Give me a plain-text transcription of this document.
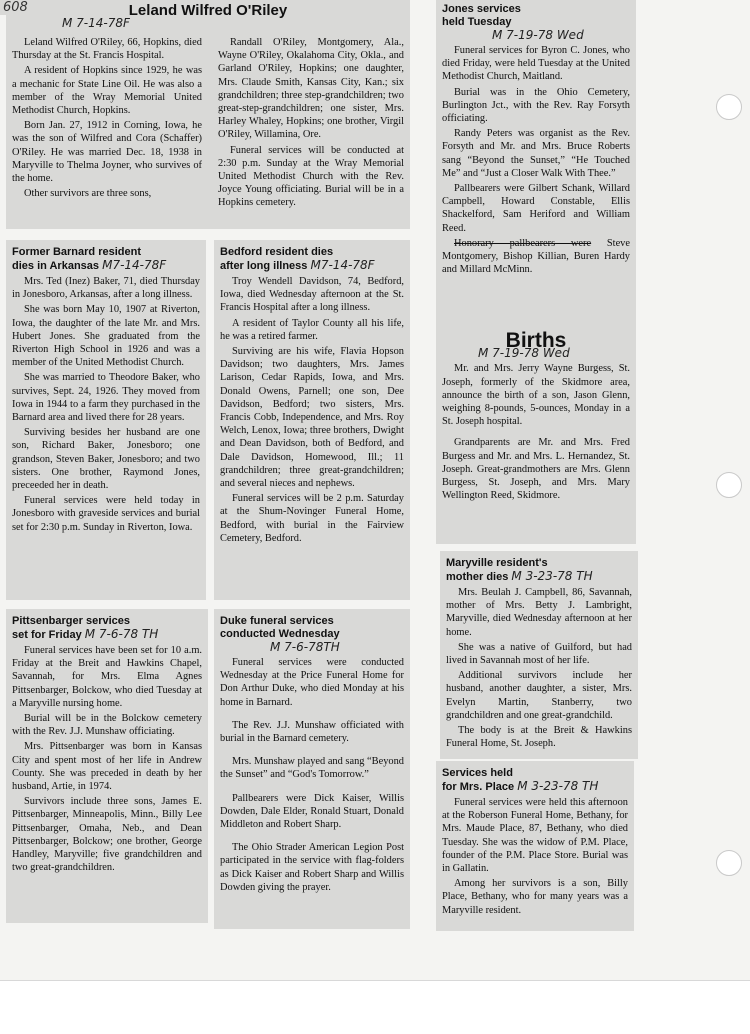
Leland Wilfred O'Riley
M 7-14-78F

Leland Wilfred O'Riley, 66, Hopkins, died Thursday at the St. Francis Hospital.

A resident of Hopkins since 1929, he was a mechanic for State Line Oil. He was also a member of the Wray Memorial United Methodist Church, Hopkins.

Born Jan. 27, 1912 in Corning, Iowa, he was the son of Wilfred and Cora (Schaffer) O'Riley. He was married Dec. 18, 1938 in Maryville to Thelma Joyner, who survives of the home.

Other survivors are three sons,

Randall O'Riley, Montgomery, Ala., Wayne O'Riley, Okalahoma City, Okla., and Garland O'Riley, Hopkins; one daughter, Mrs. Claude Smith, Kansas City, Kan.; six grandchildren; three step-grandchildren; two great-step-grandchildren; one sister, Mrs. Harley Whaley, Hopkins; one brother, Virgil O'Riley, Willamina, Ore.

Funeral services will be conducted at 2:30 p.m. Sunday at the Wray Memorial United Methodist Church with the Rev. Joyce Young officiating. Burial will be in a Hopkins cemetery.

608
Former Barnard resident
dies in Arkansas M7-14-78F

Mrs. Ted (Inez) Baker, 71, died Thursday in Jonesboro, Arkansas, after a long illness.

She was born May 10, 1907 at Riverton, Iowa, the daughter of the late Mr. and Mrs. Hubert Jones. She graduated from the Riverton High School in 1926 and was a member of the United Methodist Church.

She was married to Theodore Baker, who survives, Sept. 24, 1926. They moved from Iowa in 1944 to a farm they purchased in the Barnard area and lived there for 28 years.

Surviving besides her husband are one son, Richard Baker, Jonesboro; one grandson, Steven Baker, Jonesboro; and two sisters. One brother, Raymond Jones, preceeded her in death.

Funeral services were held today in Jonesboro with graveside services and burial set for 2:30 p.m. Sunday in Riverton, Iowa.

Bedford resident dies
after long illness M7-14-78F

Troy Wendell Davidson, 74, Bedford, Iowa, died Wednesday afternoon at the St. Francis Hospital after a long illness.

A resident of Taylor County all his life, he was a retired farmer.

Surviving are his wife, Flavia Hopson Davidson; two daughters, Mrs. James Larison, Cedar Rapids, Iowa, and Mrs. Donald Owens, Parnell; one son, Dee Davidson, Bedford; two sisters, Mrs. Francis Cobb, Independence, and Mrs. Roy Welch, Lenox, Iowa; three brothers, Dwight and Dean Davidson, both of Bedford, and Dale Davidson, Homewood, Ill.; 11 grandchildren; three great-grandchildren; and several nieces and nephews.

Funeral services will be 2 p.m. Saturday at the Shum-Novinger Funeral Home, Bedford, with burial in the Fairview Cemetery, Bedford.

Pittsenbarger services
set for Friday M 7-6-78 TH

Funeral services have been set for 10 a.m. Friday at the Breit and Hawkins Chapel, Savannah, for Mrs. Elma Agnes Pittsenbarger, Bolckow, who died Tuesday at a Maryville nursing home.

Burial will be in the Bolckow cemetery with the Rev. J.J. Munshaw officiating.

Mrs. Pittsenbarger was born in Kansas City and spent most of her life in Andrew County. She was preceded in death by her husband, Artie, in 1974.

Survivors include three sons, James E. Pittsenbarger, Minneapolis, Minn., Billy Lee Pittsenbarger, Omaha, Neb., and Dean Pittsenbarger, Bolckow; one brother, George Handley, Maryville; five grandchildren and two great-grandchildren.

Duke funeral services
conducted Wednesday

M 7-6-78TH

Funeral services were conducted Wednesday at the Price Funeral Home for Don Arthur Duke, who died Monday at his home in Barnard.

The Rev. J.J. Munshaw officiated with burial in the Barnard cemetery.

Mrs. Munshaw played and sang “Beyond the Sunset” and “God's Tomorrow.”

Pallbearers were Dick Kaiser, Willis Dowden, Dale Elder, Ronald Stuart, Donald Middleton and Robert Sharp.

The Ohio Strader American Legion Post participated in the service with flag-folders as Dick Kaiser and Robert Sharp and Willis Dowden giving the prayer.

Jones services
held Tuesday

M 7-19-78 Wed

Funeral services for Byron C. Jones, who died Friday, were held Tuesday at the United Methodist Church, Maitland.

Burial was in the Ohio Cemetery, Burlington Jct., with the Rev. Ray Forsyth officiating.

Randy Peters was organist as the Rev. Forsyth and Mr. and Mrs. Bruce Roberts sang “Beyond the Sunset,” “He Touched Me” and “Just a Closer Walk With Thee.”

Pallbearers were Gilbert Schank, Willard Campbell, Howard Constable, Ellis Shackelford, Sam Heriford and William Reed.

Honorary pallbearers were Steve Montgomery, Bishop Killian, Buren Hardy and Millard McMinn.

Births
M 7-19-78 Wed

Mr. and Mrs. Jerry Wayne Burgess, St. Joseph, formerly of the Skidmore area, announce the birth of a son, Jason Glenn, weighing 8-pounds, 5-ounces, Monday in a St. Joseph hospital.

Grandparents are Mr. and Mrs. Fred Burgess and Mr. and Mrs. L. Hernandez, St. Joseph. Great-grandmothers are Mrs. Glenn Burgess, St. Joseph, and Mrs. Mary Wellington Reed, Skidmore.

Maryville resident's
mother dies M 3-23-78 TH

Mrs. Beulah J. Campbell, 86, Savannah, mother of Mrs. Betty J. Lambright, Maryville, died Wednesday afternoon at her home.

She was a native of Guilford, but had lived in Savannah most of her life.

Additional survivors include her husband, another daughter, a sister, Mrs. Evelyn Martin, Stanberry, two grandchildren and one great-grandchild.

The body is at the Breit & Hawkins Funeral Home, St. Joseph.

Services held
for Mrs. Place M 3-23-78 TH

Funeral services were held this afternoon at the Roberson Funeral Home, Bethany, for Mrs. Maude Place, 87, Bethany, who died Tuesday. She was the widow of P.M. Place, founder of the P.M. Place Store. Burial was in Gallatin.

Among her survivors is a son, Billy Place, Bethany, who for many years was a Maryville resident.
